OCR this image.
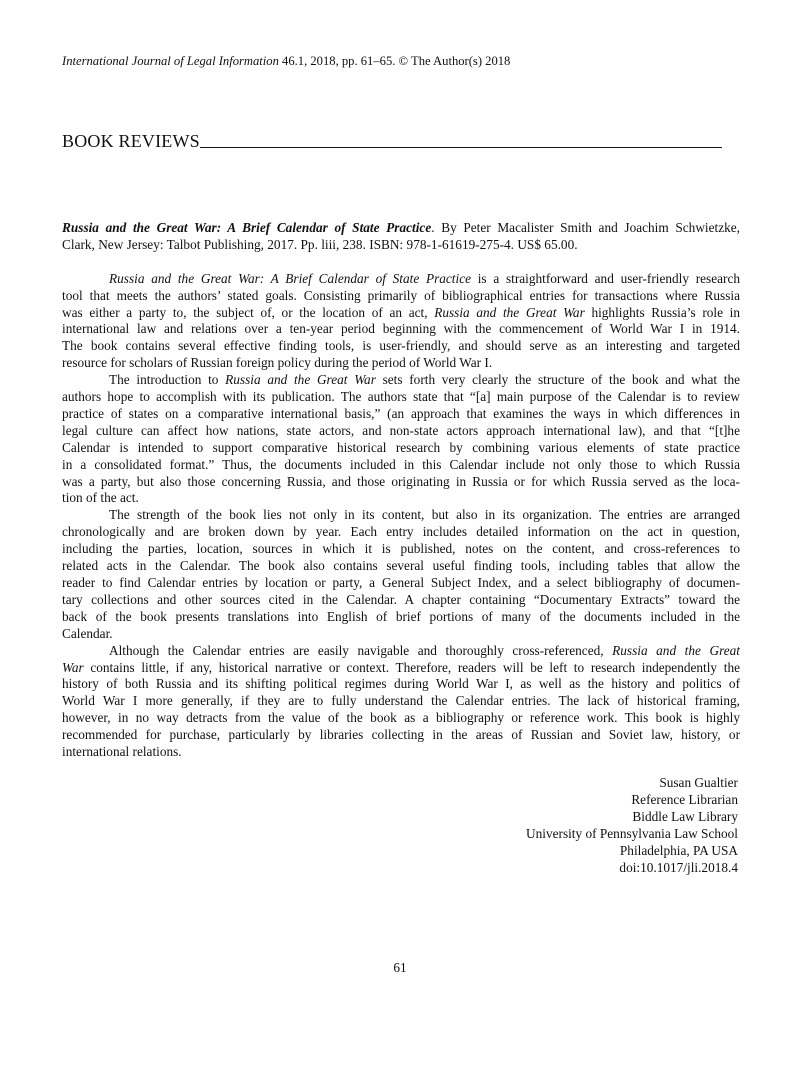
International Journal of Legal Information 46.1, 2018, pp. 61–65. © The Author(s) 2018
BOOK REVIEWS
Russia and the Great War: A Brief Calendar of State Practice. By Peter Macalister Smith and Joachim Schwietzke,
Clark, New Jersey: Talbot Publishing, 2017. Pp. liii, 238. ISBN: 978-1-61619-275-4. US$ 65.00.
Russia and the Great War: A Brief Calendar of State Practice is a straightforward and user-friendly research
tool that meets the authors’ stated goals. Consisting primarily of bibliographical entries for transactions where Russia
was either a party to, the subject of, or the location of an act, Russia and the Great War highlights Russia’s role in
international law and relations over a ten-year period beginning with the commencement of World War I in 1914.
The book contains several effective finding tools, is user-friendly, and should serve as an interesting and targeted
resource for scholars of Russian foreign policy during the period of World War I.
The introduction to Russia and the Great War sets forth very clearly the structure of the book and what the
authors hope to accomplish with its publication. The authors state that “[a] main purpose of the Calendar is to review
practice of states on a comparative international basis,” (an approach that examines the ways in which differences in
legal culture can affect how nations, state actors, and non-state actors approach international law), and that “[t]he
Calendar is intended to support comparative historical research by combining various elements of state practice
in a consolidated format.” Thus, the documents included in this Calendar include not only those to which Russia
was a party, but also those concerning Russia, and those originating in Russia or for which Russia served as the loca-
tion of the act.
The strength of the book lies not only in its content, but also in its organization. The entries are arranged
chronologically and are broken down by year. Each entry includes detailed information on the act in question,
including the parties, location, sources in which it is published, notes on the content, and cross-references to
related acts in the Calendar. The book also contains several useful finding tools, including tables that allow the
reader to find Calendar entries by location or party, a General Subject Index, and a select bibliography of documen-
tary collections and other sources cited in the Calendar. A chapter containing “Documentary Extracts” toward the
back of the book presents translations into English of brief portions of many of the documents included in the
Calendar.
Although the Calendar entries are easily navigable and thoroughly cross-referenced, Russia and the Great
War contains little, if any, historical narrative or context. Therefore, readers will be left to research independently the
history of both Russia and its shifting political regimes during World War I, as well as the history and politics of
World War I more generally, if they are to fully understand the Calendar entries. The lack of historical framing,
however, in no way detracts from the value of the book as a bibliography or reference work. This book is highly
recommended for purchase, particularly by libraries collecting in the areas of Russian and Soviet law, history, or
international relations.
Susan Gualtier
Reference Librarian
Biddle Law Library
University of Pennsylvania Law School
Philadelphia, PA USA
doi:10.1017/jli.2018.4
61
